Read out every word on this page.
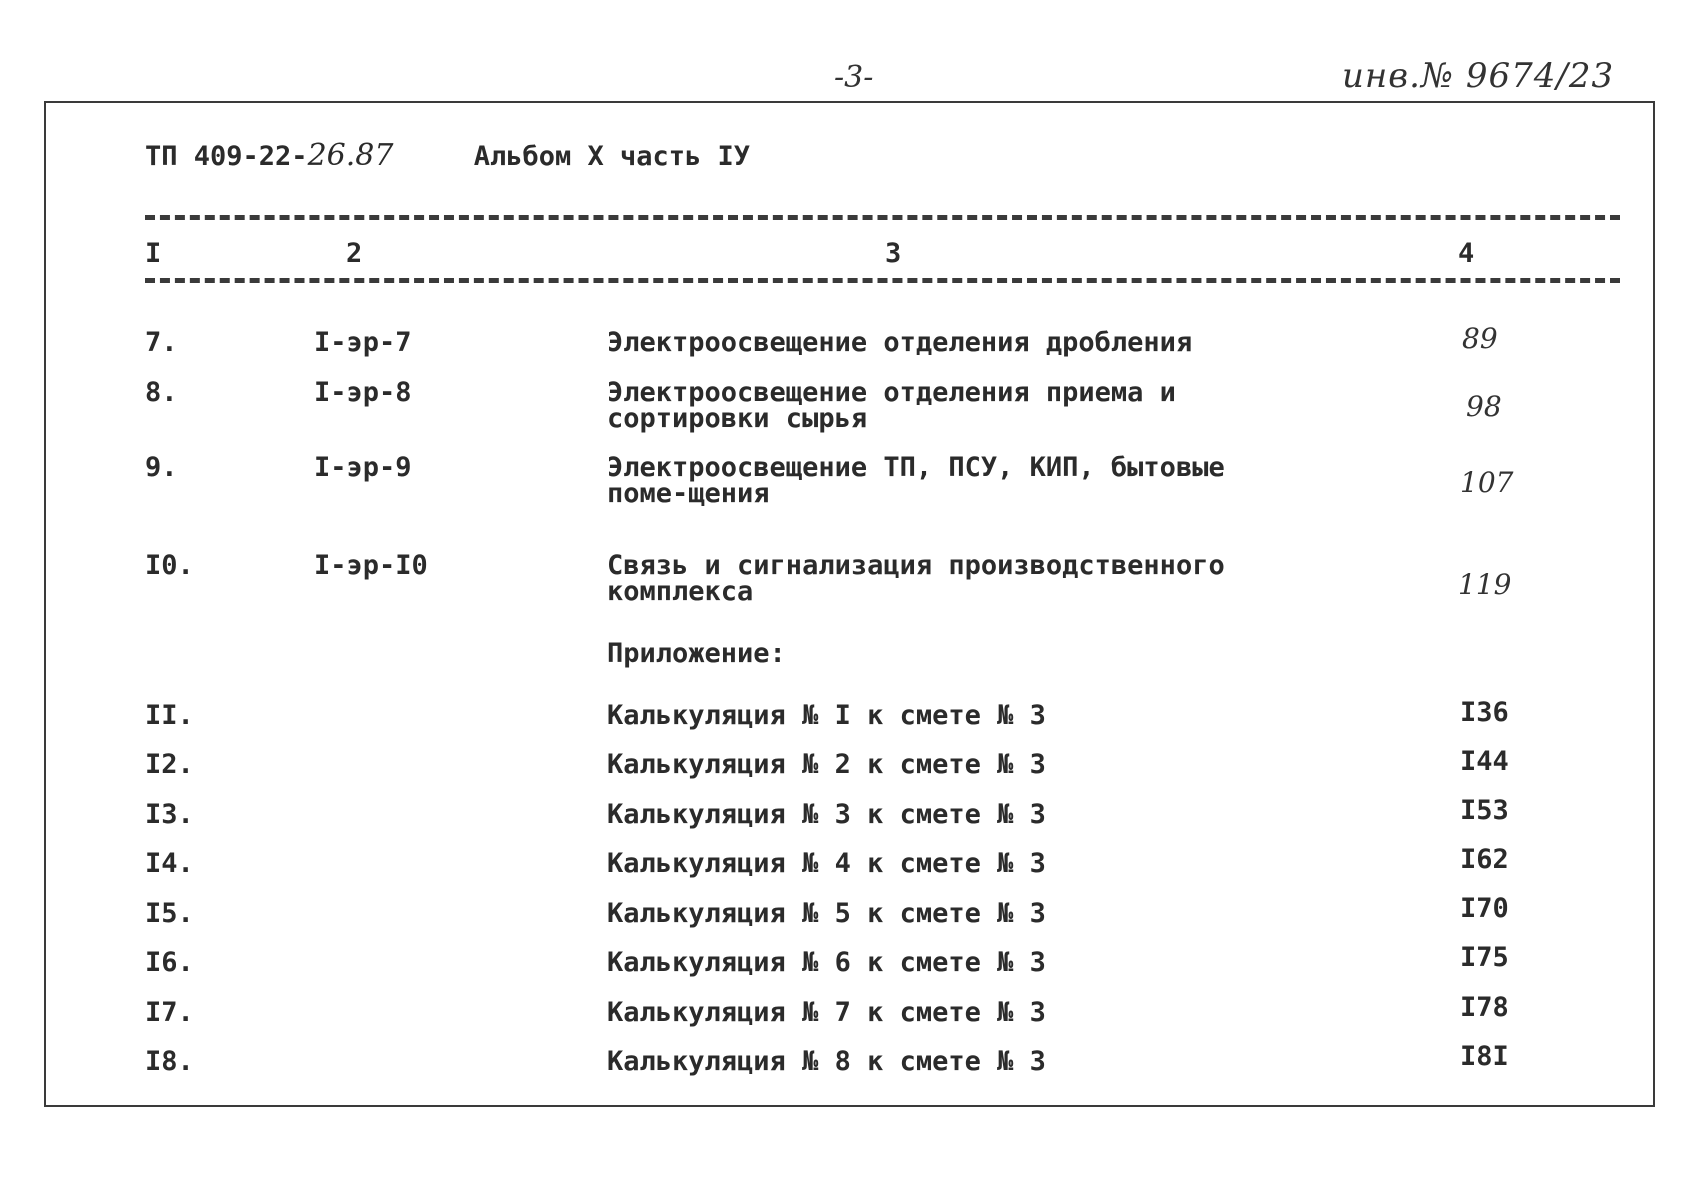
-3-	инв.№ 9674/23
ТП 409-22-26.87	Альбом Х часть IУ
I	2	3	4
7.	I-эр-7	Электроосвещение отделения дробления	89
8.	I-эр-8	Электроосвещение отделения приема и сортировки сырья	98
9.	I-эр-9	Электроосвещение ТП, ПСУ, КИП, бытовые поме-щения	107
I0.	I-эр-I0	Связь и сигнализация производственного комплекса	119
Приложение:
II.	Калькуляция № I к смете № 3	I36
I2.	Калькуляция № 2 к смете № 3	I44
I3.	Калькуляция № 3 к смете № 3	I53
I4.	Калькуляция № 4 к смете № 3	I62
I5.	Калькуляция № 5 к смете № 3	I70
I6.	Калькуляция № 6 к смете № 3	I75
I7.	Калькуляция № 7 к смете № 3	I78
I8.	Калькуляция № 8 к смете № 3	I8I
